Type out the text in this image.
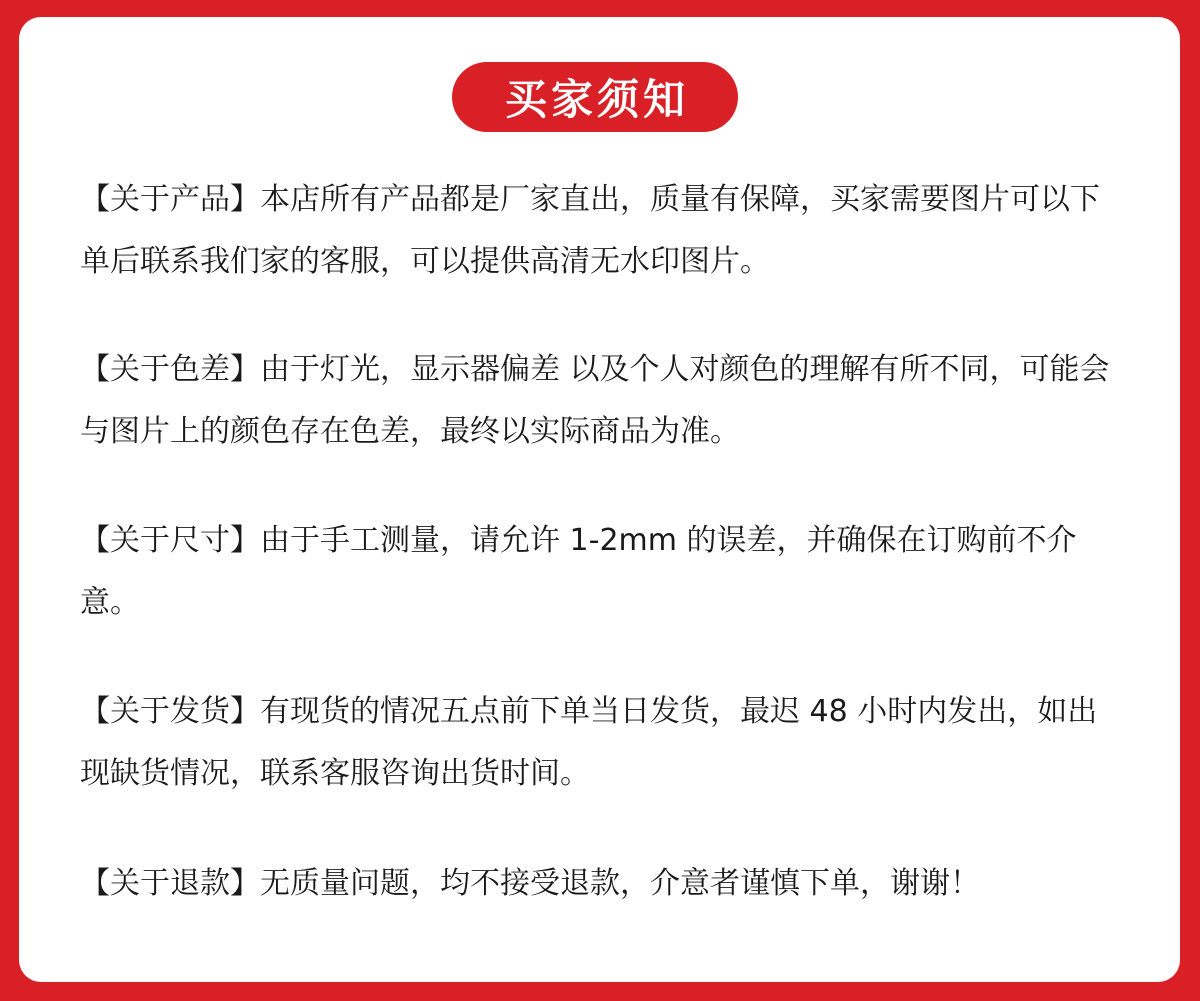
买家须知
【关于产品】本店所有产品都是厂家直出，质量有保障，买家需要图片可以下单后联系我们家的客服，可以提供高清无水印图片。
【关于色差】由于灯光，显示器偏差 以及个人对颜色的理解有所不同，可能会与图片上的颜色存在色差，最终以实际商品为准。
【关于尺寸】由于手工测量，请允许 1-2mm 的误差，并确保在订购前不介意。
【关于发货】有现货的情况五点前下单当日发货，最迟 48 小时内发出，如出现缺货情况，联系客服咨询出货时间。
【关于退款】无质量问题，均不接受退款，介意者谨慎下单，谢谢！
